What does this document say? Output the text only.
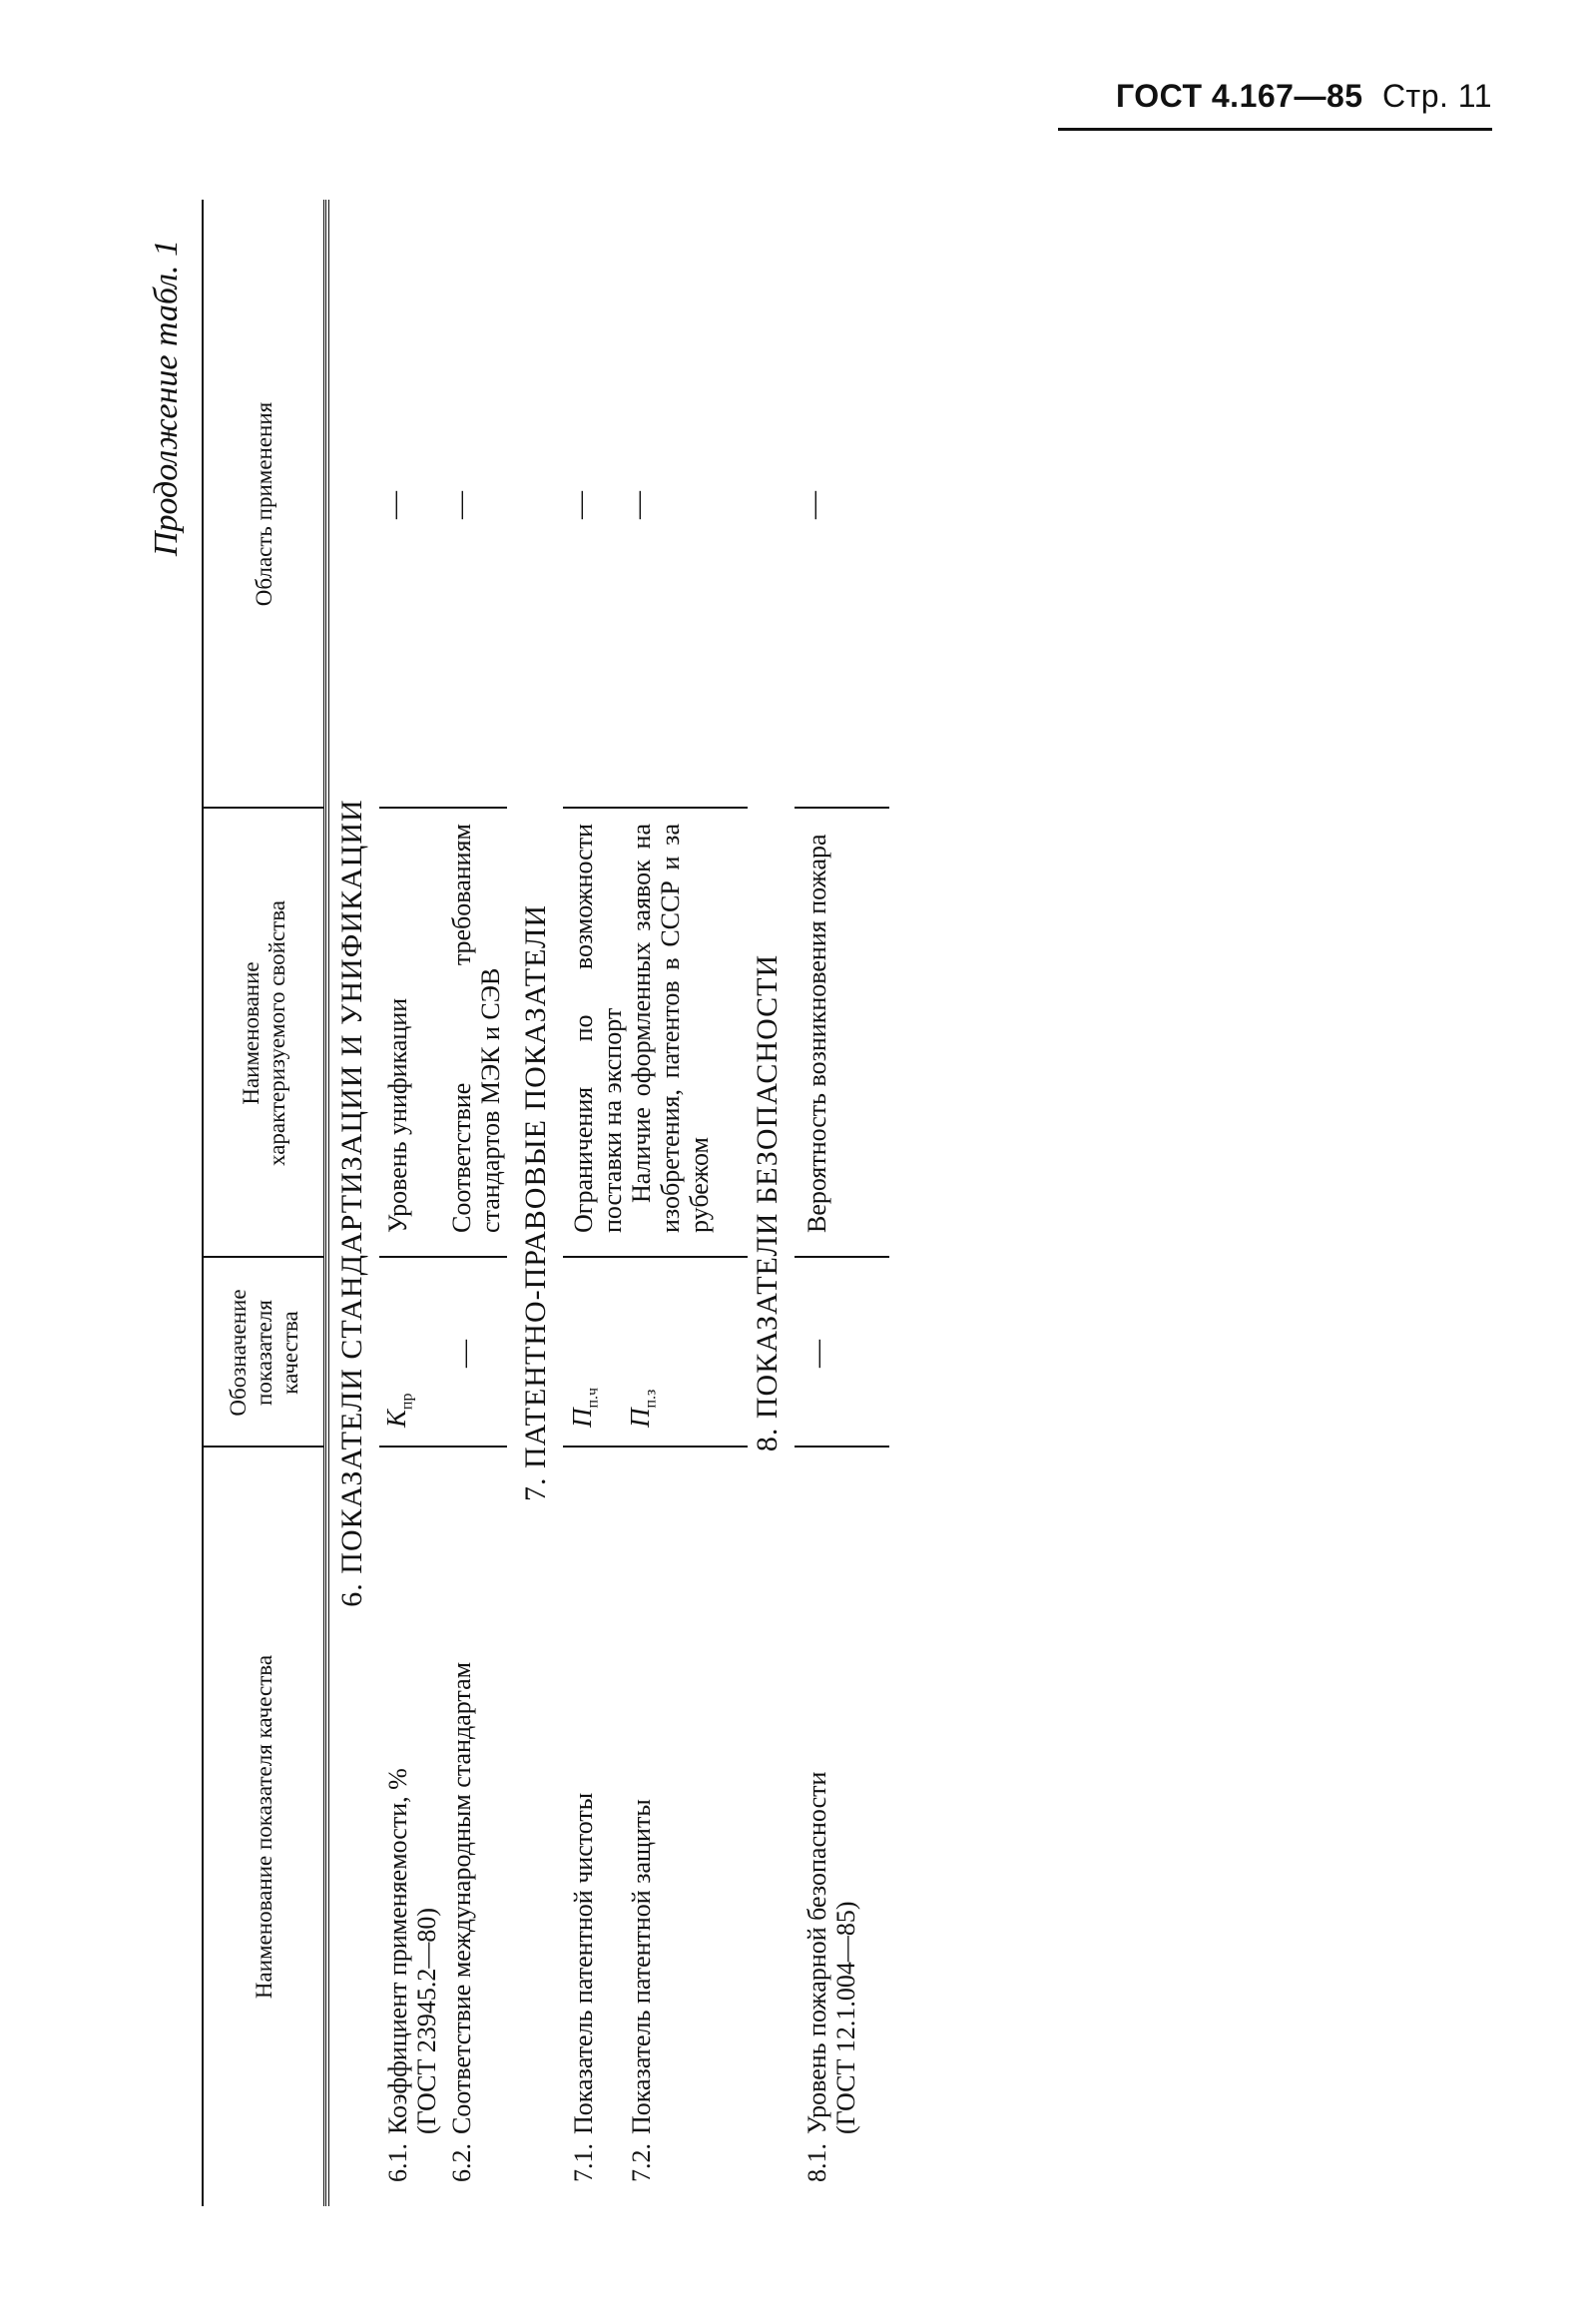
ГОСТ 4.167—85 Стр. 11
Продолжение табл. 1
Наименование показателя качества
Обозначение показателя качества
Наименование характеризуемого свойства
Область применения
6. ПОКАЗАТЕЛИ СТАНДАРТИЗАЦИИ И УНИФИКАЦИИ
6.1.
Коэффициент применяемости, %
(ГОСТ 23945.2—80)
$К_{пр}$
Уровень унификации
—
6.2.
Соответствие международным стандартам
—
Соответствие требованиям стандартов МЭК и СЭВ
—
7. ПАТЕНТНО-ПРАВОВЫЕ ПОКАЗАТЕЛИ
7.1.
Показатель патентной чистоты
$П_{п.ч}$
Ограничения по возможности поставки на экспорт
—
7.2.
Показатель патентной защиты
$П_{п.з}$
Наличие оформленных заявок на изобретения, патентов в СССР и за рубежом
—
8. ПОКАЗАТЕЛИ БЕЗОПАСНОСТИ
8.1.
Уровень пожарной безопасности
(ГОСТ 12.1.004—85)
—
Вероятность возникновения пожара
—
